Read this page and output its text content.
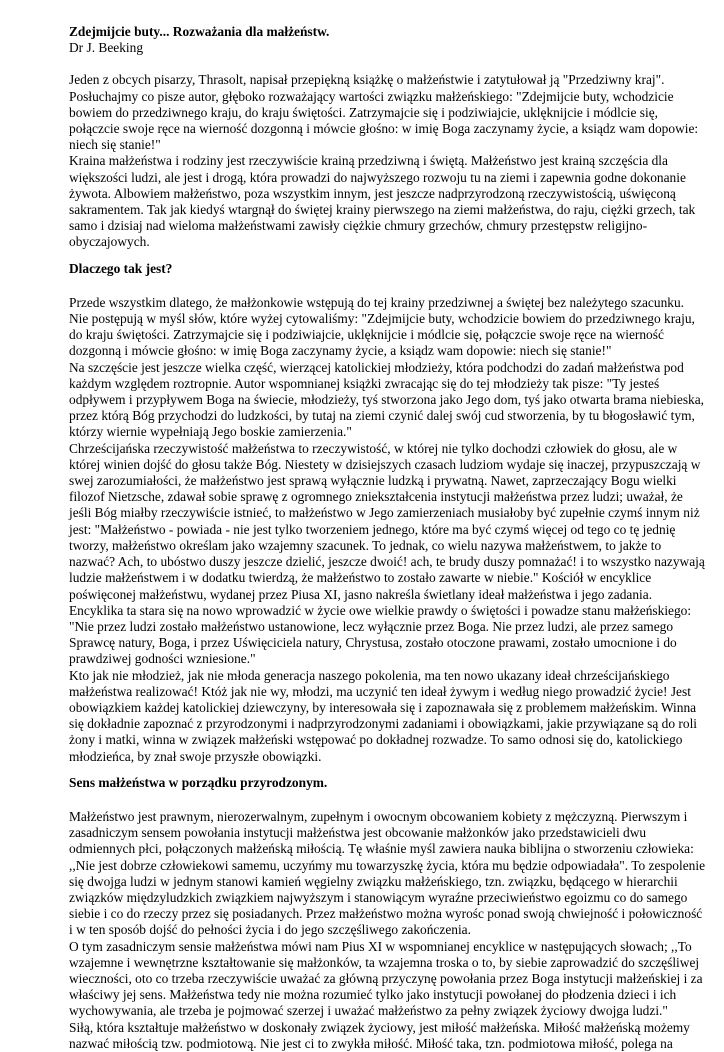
Zdejmijcie buty... Rozważania dla małżeństw.
Dr J. Beeking

Jeden z obcych pisarzy, Thrasolt, napisał przepiękną książkę o małżeństwie i zatytułował ją "Przedziwny kraj". Posłuchajmy co pisze autor, głęboko rozważający wartości związku małżeńskiego: "Zdejmijcie buty, wchodzicie bowiem do przedziwnego kraju, do kraju świętości. Zatrzymajcie się i podziwiajcie, uklęknijcie i módlcie się, połączcie swoje ręce na wierność dozgonną i mówcie głośno: w imię Boga zaczynamy życie, a ksiądz wam dopowie: niech się stanie!"

Kraina małżeństwa i rodziny jest rzeczywiście krainą przedziwną i świętą. Małżeństwo jest krainą szczęścia dla większości ludzi, ale jest i drogą, która prowadzi do najwyższego rozwoju tu na ziemi i zapewnia godne dokonanie żywota. Albowiem małżeństwo, poza wszystkim innym, jest jeszcze nadprzyrodzoną rzeczywistością, uświęconą sakramentem. Tak jak kiedyś wtargnął do świętej krainy pierwszego na ziemi małżeństwa, do raju, ciężki grzech, tak samo i dzisiaj nad wieloma małżeństwami zawisły ciężkie chmury grzechów, chmury przestępstw religijno-obyczajowych.

Dlaczego tak jest?

Przede wszystkim dlatego, że małżonkowie wstępują do tej krainy przedziwnej a świętej bez należytego szacunku. Nie postępują w myśl słów, które wyżej cytowaliśmy: "Zdejmijcie buty, wchodzicie bowiem do przedziwnego kraju, do kraju świętości. Zatrzymajcie się i podziwiajcie, uklęknijcie i módlcie się, połączcie swoje ręce na wierność dozgonną i mówcie głośno: w imię Boga zaczynamy życie, a ksiądz wam dopowie: niech się stanie!"

Na szczęście jest jeszcze wielka część, wierzącej katolickiej młodzieży, która podchodzi do zadań małżeństwa pod każdym względem roztropnie. Autor wspomnianej książki zwracając się do tej młodzieży tak pisze: "Ty jesteś odpływem i przypływem Boga na świecie, młodzieży, tyś stworzona jako Jego dom, tyś jako otwarta brama niebieska, przez którą Bóg przychodzi do ludzkości, by tutaj na ziemi czynić dalej swój cud stworzenia, by tu błogosławić tym, którzy wiernie wypełniają Jego boskie zamierzenia."

Chrześcijańska rzeczywistość małżeństwa to rzeczywistość, w której nie tylko dochodzi człowiek do głosu, ale w której winien dojść do głosu także Bóg. Niestety w dzisiejszych czasach ludziom wydaje się inaczej, przypuszczają w swej zarozumiałości, że małżeństwo jest sprawą wyłącznie ludzką i prywatną. Nawet, zaprzeczający Bogu wielki filozof Nietzsche, zdawał sobie sprawę z ogromnego zniekształcenia instytucji małżeństwa przez ludzi; uważał, że jeśli Bóg miałby rzeczywiście istnieć, to małżeństwo w Jego zamierzeniach musiałoby być zupełnie czymś innym niż jest: "Małżeństwo - powiada - nie jest tylko tworzeniem jednego, które ma być czymś więcej od tego co tę jednię tworzy, małżeństwo określam jako wzajemny szacunek. To jednak, co wielu nazywa małżeństwem, to jakże to nazwać? Ach, to ubóstwo duszy jeszcze dzielić, jeszcze dwoić! ach, te brudy duszy pomnażać! i to wszystko nazywają ludzie małżeństwem i w dodatku twierdzą, że małżeństwo to zostało zawarte w niebie." Kościół w encyklice poświęconej małżeństwu, wydanej przez Piusa XI, jasno nakreśla świetlany ideał małżeństwa i jego zadania. Encyklika ta stara się na nowo wprowadzić w życie owe wielkie prawdy o świętości i powadze stanu małżeńskiego: "Nie przez ludzi zostało małżeństwo ustanowione, lecz wyłącznie przez Boga. Nie przez ludzi, ale przez samego Sprawcę natury, Boga, i przez Uświęciciela natury, Chrystusa, zostało otoczone prawami, zostało umocnione i do prawdziwej godności wzniesione."

Kto jak nie młodzież, jak nie młoda generacja naszego pokolenia, ma ten nowo ukazany ideał chrześcijańskiego małżeństwa realizować! Któż jak nie wy, młodzi, ma uczynić ten ideał żywym i według niego prowadzić życie! Jest obowiązkiem każdej katolickiej dziewczyny, by interesowała się i zapoznawała się z problemem małżeńskim. Winna się dokładnie zapoznać z przyrodzonymi i nadprzyrodzonymi zadaniami i obowiązkami, jakie przywiązane są do roli żony i matki, winna w związek małżeński wstępować po dokładnej rozwadze. To samo odnosi się do, katolickiego młodzieńca, by znał swoje przyszłe obowiązki.

Sens małżeństwa w porządku przyrodzonym.

Małżeństwo jest prawnym, nierozerwalnym, zupełnym i owocnym obcowaniem kobiety z mężczyzną. Pierwszym i zasadniczym sensem powołania instytucji małżeństwa jest obcowanie małżonków jako przedstawicieli dwu odmiennych płci, połączonych małżeńską miłością. Tę właśnie myśl zawiera nauka biblijna o stworzeniu człowieka: ,,Nie jest dobrze człowiekowi samemu, uczyńmy mu towarzyszkę życia, która mu będzie odpowiadała". To zespolenie się dwojga ludzi w jednym stanowi kamień węgielny związku małżeńskiego, tzn. związku, będącego w hierarchii związków międzyludzkich związkiem najwyższym i stanowiącym wyraźne przeciwieństwo egoizmu co do samego siebie i co do rzeczy przez się posiadanych. Przez małżeństwo można wyrośc ponad swoją chwiejność i połowiczność i w ten sposób dojść do pełności życia i do jego szczęśliwego zakończenia.

O tym zasadniczym sensie małżeństwa mówi nam Pius XI w wspomnianej encyklice w następujących słowach; ,,To wzajemne i wewnętrzne kształtowanie się małżonków, ta wzajemna troska o to, by siebie zaprowadzić do szczęśliwej wieczności, oto co trzeba rzeczywiście uważać za główną przyczynę powołania przez Boga instytucji małżeńskiej i za właściwy jej sens. Małżeństwa tedy nie można rozumieć tylko jako instytucji powołanej do płodzenia dzieci i ich wychowywania, ale trzeba je pojmować szerzej i uważać małżeństwo za pełny związek życiowy dwojga ludzi."

Siłą, która kształtuje małżeństwo w doskonały związek życiowy, jest miłość małżeńska. Miłość małżeńską możemy nazwać miłością tzw. podmiotową. Nie jest ci to zwykła miłość. Miłość taka, tzn. podmiotowa miłość, polega na
